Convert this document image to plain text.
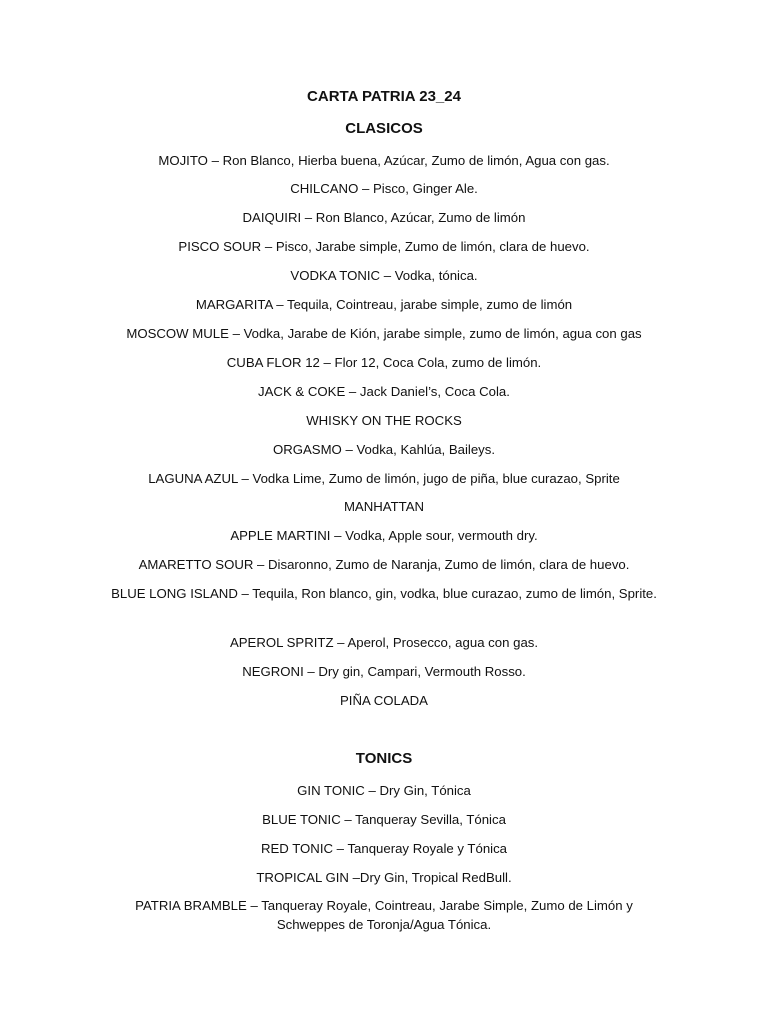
CARTA PATRIA 23_24
CLASICOS
MOJITO – Ron Blanco, Hierba buena, Azúcar, Zumo de limón, Agua con gas.
CHILCANO – Pisco, Ginger Ale.
DAIQUIRI – Ron Blanco, Azúcar, Zumo de limón
PISCO SOUR – Pisco, Jarabe simple, Zumo de limón, clara de huevo.
VODKA TONIC – Vodka, tónica.
MARGARITA – Tequila, Cointreau, jarabe simple, zumo de limón
MOSCOW MULE – Vodka, Jarabe de Kión, jarabe simple, zumo de limón, agua con gas
CUBA FLOR 12 – Flor 12, Coca Cola, zumo de limón.
JACK & COKE – Jack Daniel’s, Coca Cola.
WHISKY ON THE ROCKS
ORGASMO – Vodka, Kahlúa, Baileys.
LAGUNA AZUL – Vodka Lime, Zumo de limón, jugo de piña, blue curazao, Sprite
MANHATTAN
APPLE MARTINI – Vodka, Apple sour, vermouth dry.
AMARETTO SOUR – Disaronno, Zumo de Naranja, Zumo de limón, clara de huevo.
BLUE LONG ISLAND – Tequila, Ron blanco, gin, vodka, blue curazao, zumo de limón, Sprite.
APEROL SPRITZ – Aperol, Prosecco, agua con gas.
NEGRONI – Dry gin, Campari, Vermouth Rosso.
PIÑA COLADA
TONICS
GIN TONIC – Dry Gin, Tónica
BLUE TONIC – Tanqueray Sevilla, Tónica
RED TONIC – Tanqueray Royale y Tónica
TROPICAL GIN –Dry Gin, Tropical RedBull.
PATRIA BRAMBLE – Tanqueray Royale, Cointreau, Jarabe Simple, Zumo de Limón y Schweppes de Toronja/Agua Tónica.
